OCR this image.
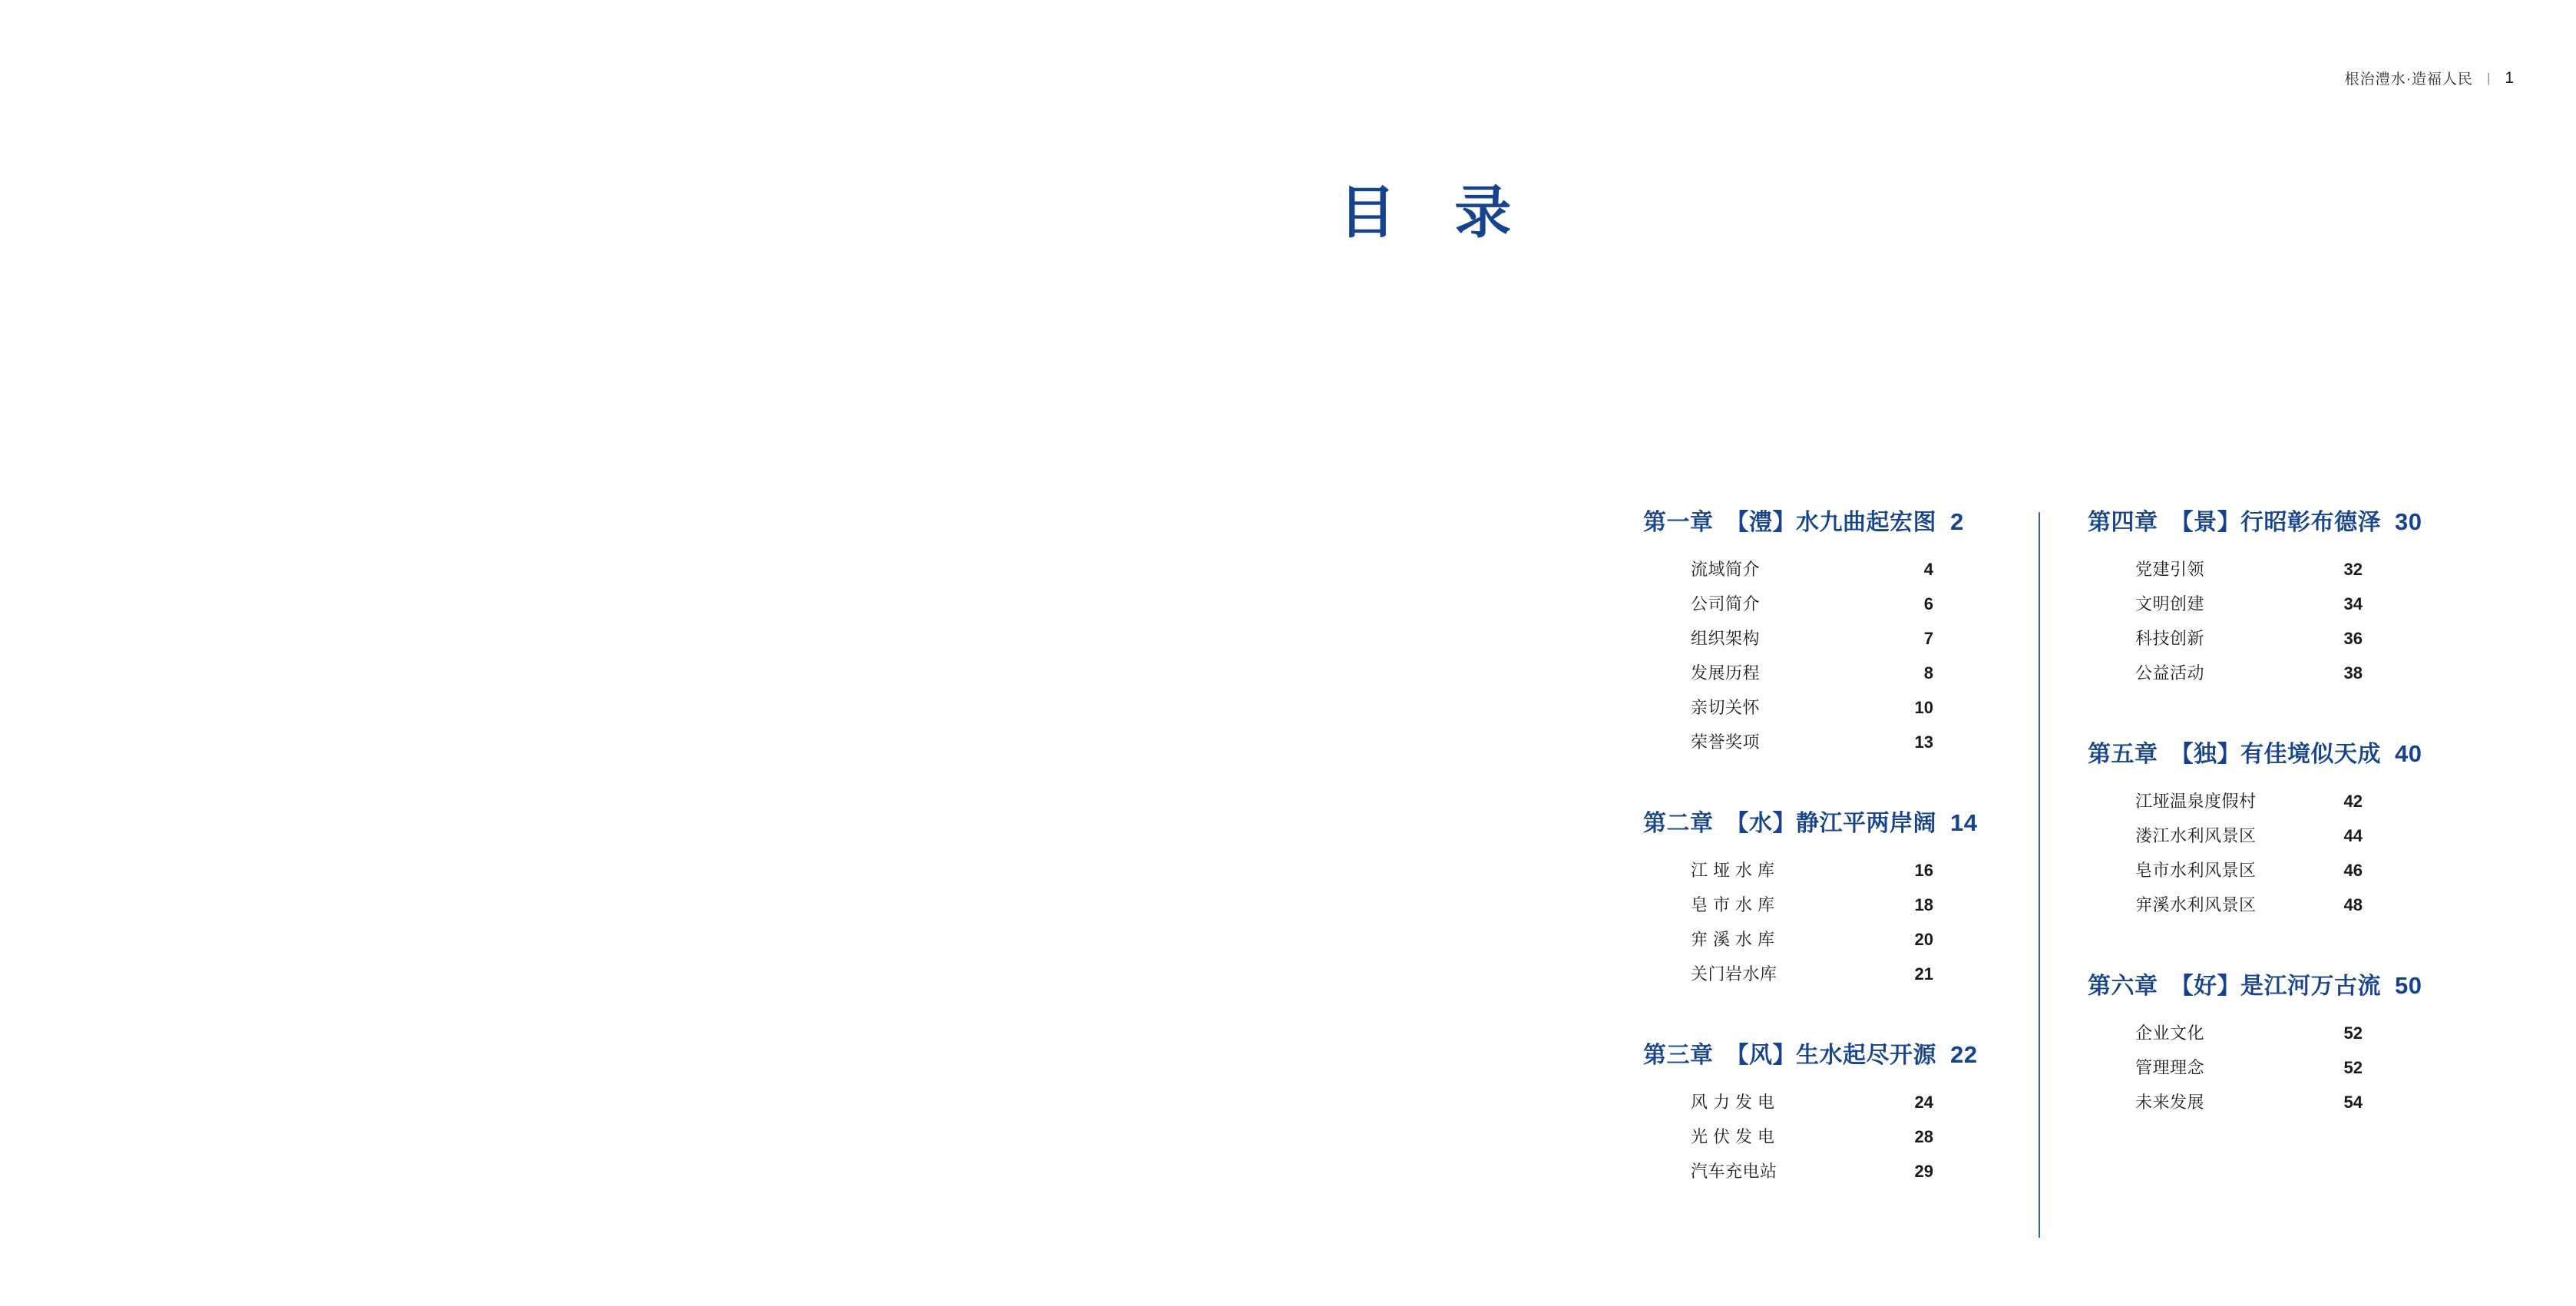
根治澧水·造福人民 | 1
目 录
第一章 【澧】水九曲起宏图 2
流域简介	4
公司简介	6
组织架构	7
发展历程	8
亲切关怀	10
荣誉奖项	13
第二章 【水】静江平两岸阔 14
江垭水库	16
皂市水库	18
宑溪水库	20
关门岩水库	21
第三章 【风】生水起尽开源 22
风力发电	24
光伏发电	28
汽车充电站	29
第四章 【景】行昭彰布德泽 30
党建引领	32
文明创建	34
科技创新	36
公益活动	38
第五章 【独】有佳境似天成 40
江垭温泉度假村	42
溇江水利风景区	44
皂市水利风景区	46
宑溪水利风景区	48
第六章 【好】是江河万古流 50
企业文化	52
管理理念	52
未来发展	54
